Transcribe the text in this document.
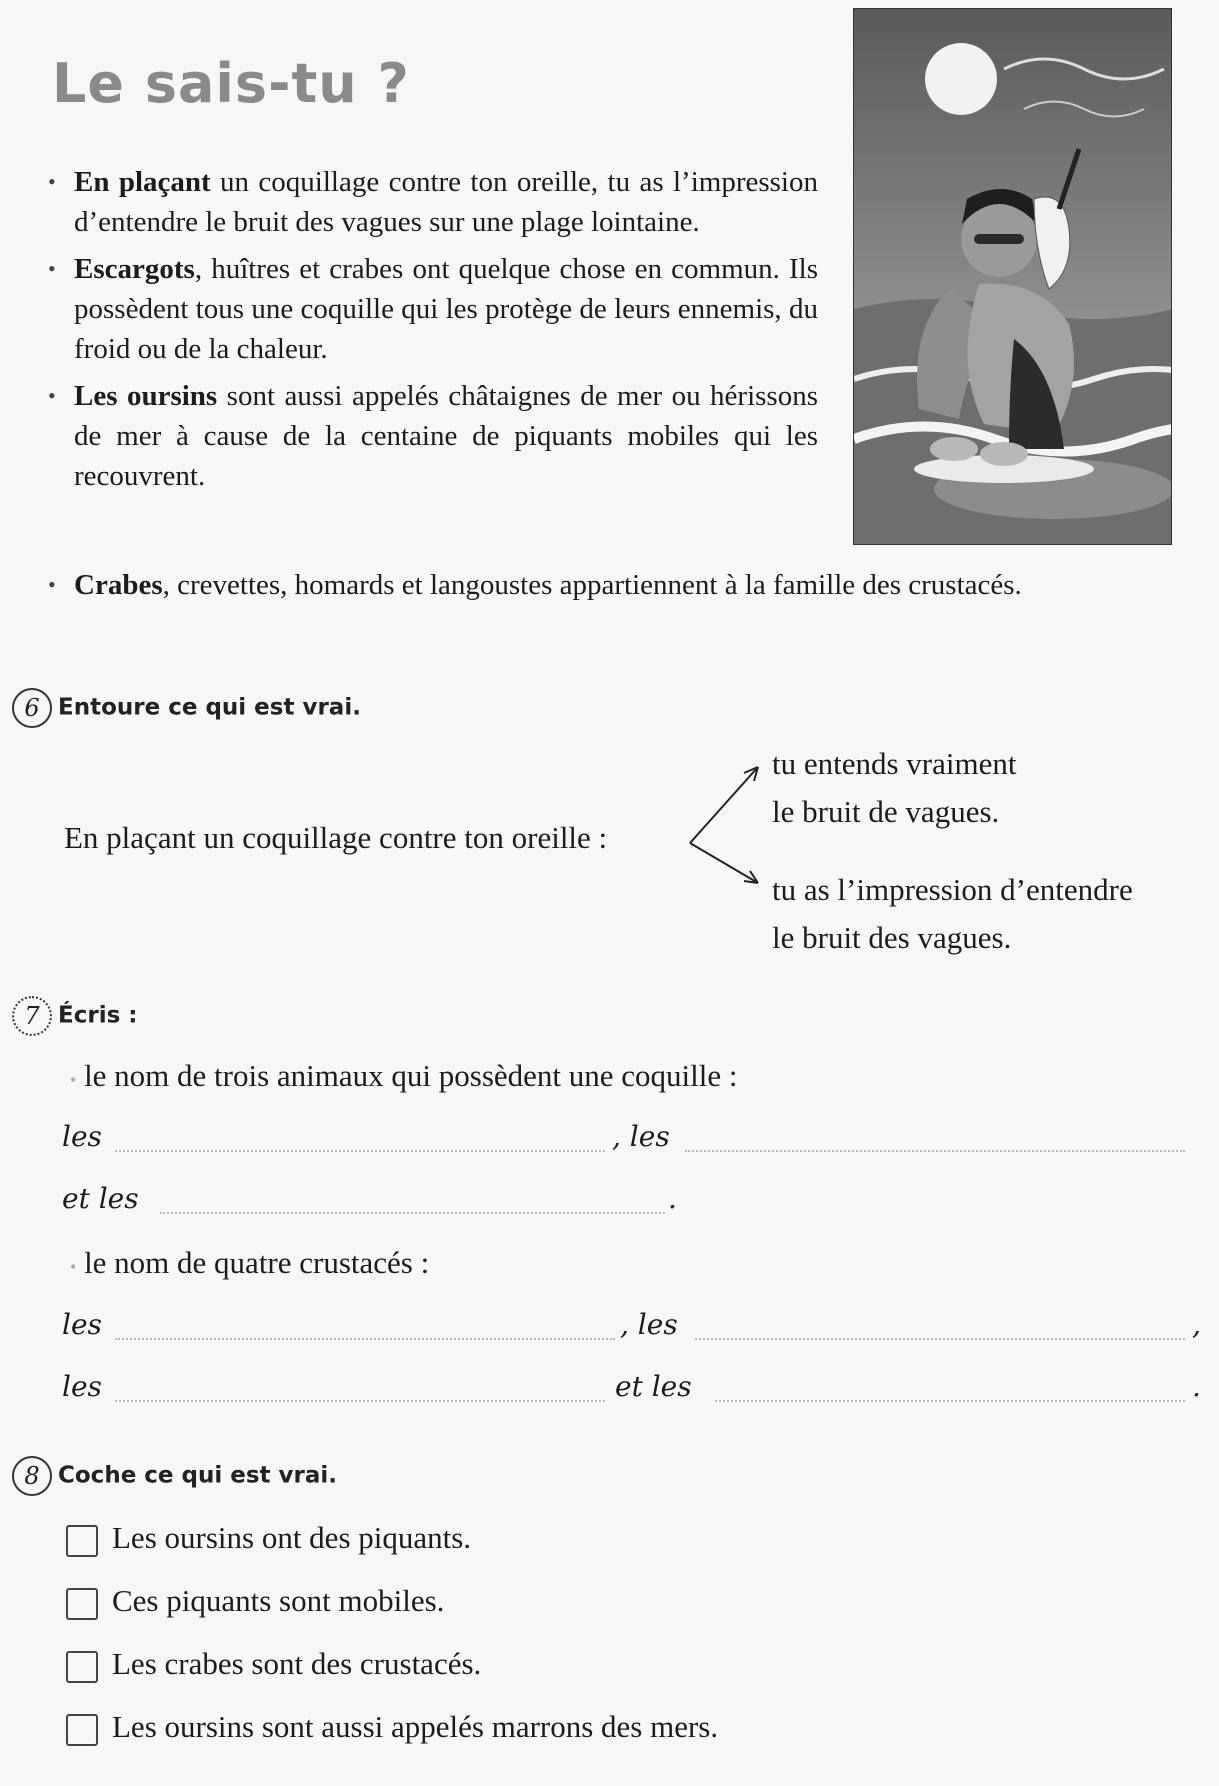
Le sais-tu ?
• En plaçant un coquillage contre ton oreille, tu as l’impression d’entendre le bruit des vagues sur une plage lointaine.
• Escargots, huîtres et crabes ont quelque chose en commun. Ils possèdent tous une coquille qui les protège de leurs ennemis, du froid ou de la chaleur.
• Les oursins sont aussi appelés châtaignes de mer ou hérissons de mer à cause de la centaine de piquants mobiles qui les recouvrent.
• Crabes, crevettes, homards et langoustes appartiennent à la famille des crustacés.
6 Entoure ce qui est vrai.
En plaçant un coquillage contre ton oreille :
tu entends vraiment
le bruit de vagues.
tu as l’impression d’entendre
le bruit des vagues.
7 Écris :
• le nom de trois animaux qui possèdent une coquille :
les	, les
et les	.
• le nom de quatre crustacés :
les	, les	,
les	et les	.
8 Coche ce qui est vrai.
Les oursins ont des piquants.
Ces piquants sont mobiles.
Les crabes sont des crustacés.
Les oursins sont aussi appelés marrons des mers.
